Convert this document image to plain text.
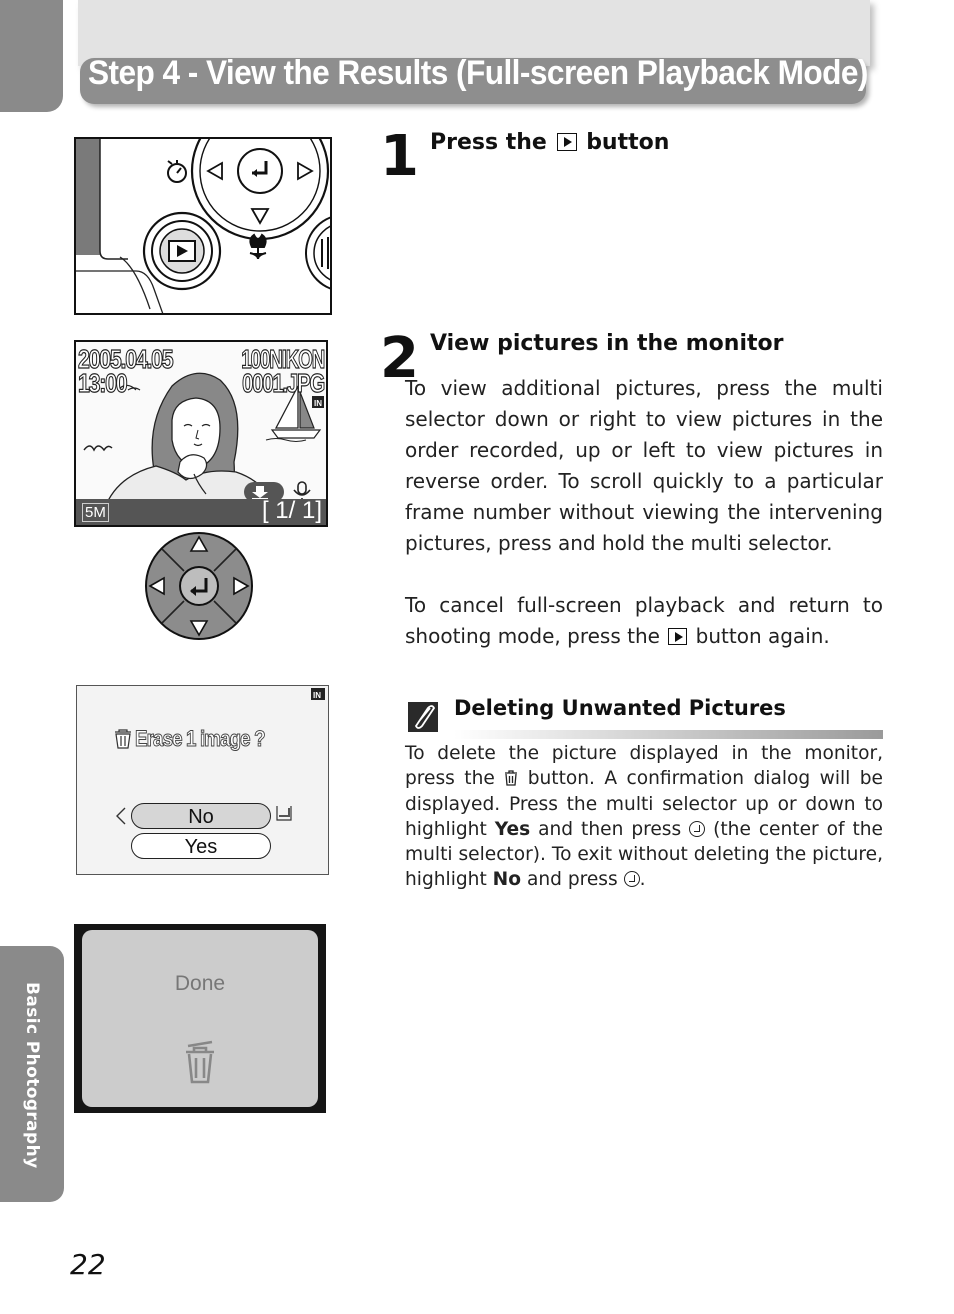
Step 4 - View the Results (Full-screen Playback Mode)
IN
2005.04.05
13:00
100NIKON
0001.JPG
5M	[ 1/ 1]
IN
Erase 1 image ?
No
Yes
Done
1 Press the button
2 View pictures in the monitor

To view additional pictures, press the multi selector down or right to view pictures in the order recorded, up or left to view pictures in reverse order. To scroll quickly to a particular frame number without viewing the intervening pictures, press and hold the multi selector.

To cancel full-screen playback and return to shooting mode, press the button again.

Deleting Unwanted Pictures
To delete the picture displayed in the monitor, press the button. A confirmation dialog will be displayed. Press the multi selector up or down to highlight Yes and then press (the center of the multi selector). To exit without deleting the picture, highlight No and press .
Basic Photography
22
